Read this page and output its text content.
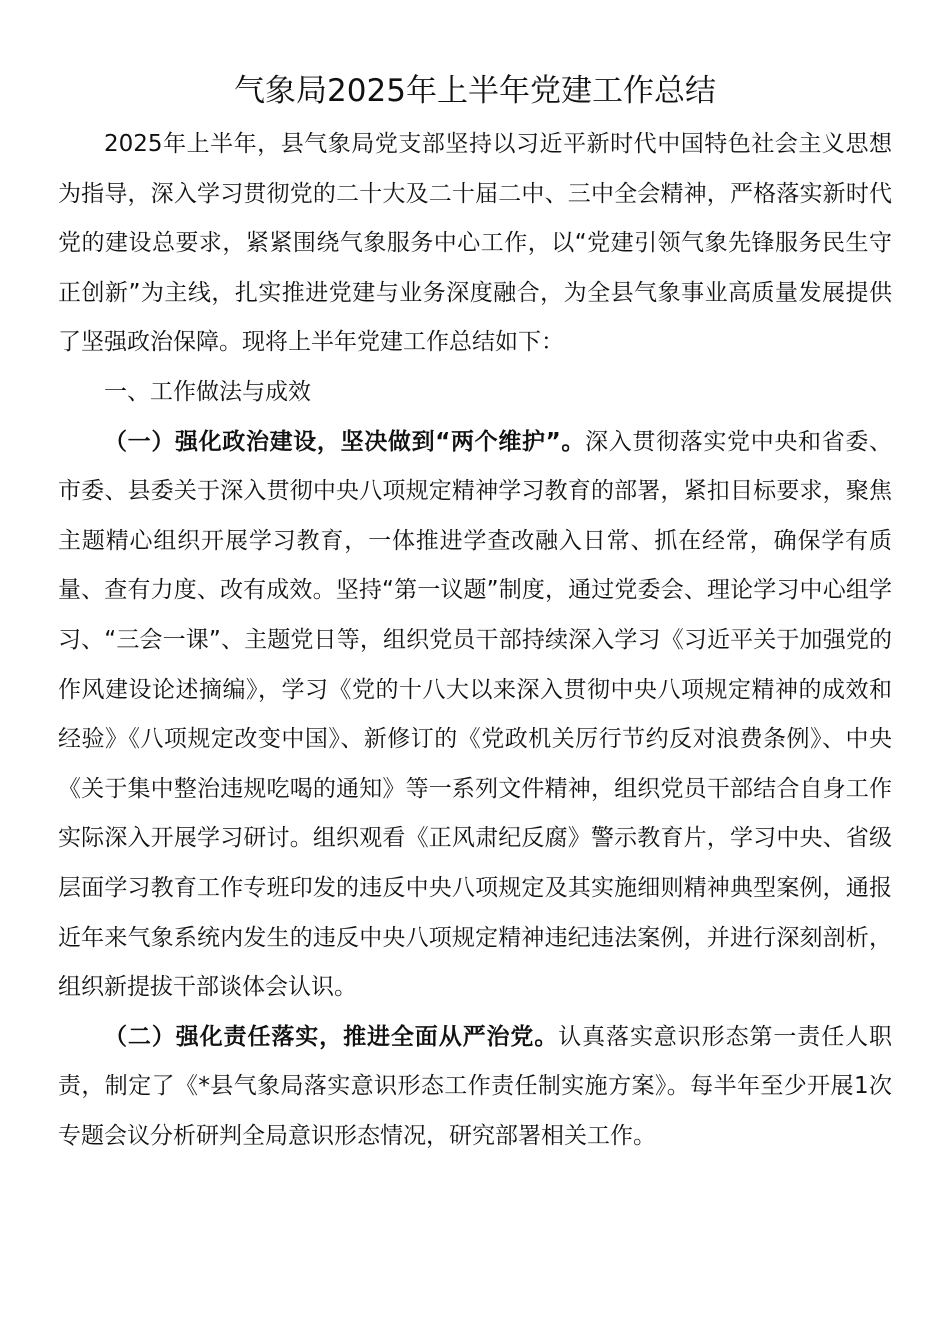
气象局2025年上半年党建工作总结

2025年上半年，县气象局党支部坚持以习近平新时代中国特色社会主义思想为指导，深入学习贯彻党的二十大及二十届二中、三中全会精神，严格落实新时代党的建设总要求，紧紧围绕气象服务中心工作，以“党建引领气象先锋服务民生守正创新”为主线，扎实推进党建与业务深度融合，为全县气象事业高质量发展提供了坚强政治保障。现将上半年党建工作总结如下：

一、工作做法与成效

（一）强化政治建设，坚决做到“两个维护”。深入贯彻落实党中央和省委、市委、县委关于深入贯彻中央八项规定精神学习教育的部署，紧扣目标要求，聚焦主题精心组织开展学习教育，一体推进学查改融入日常、抓在经常，确保学有质量、查有力度、改有成效。坚持“第一议题”制度，通过党委会、理论学习中心组学习、“三会一课”、主题党日等，组织党员干部持续深入学习《习近平关于加强党的作风建设论述摘编》，学习《党的十八大以来深入贯彻中央八项规定精神的成效和经验》《八项规定改变中国》、新修订的《党政机关厉行节约反对浪费条例》、中央《关于集中整治违规吃喝的通知》等一系列文件精神，组织党员干部结合自身工作实际深入开展学习研讨。组织观看《正风肃纪反腐》警示教育片，学习中央、省级层面学习教育工作专班印发的违反中央八项规定及其实施细则精神典型案例，通报近年来气象系统内发生的违反中央八项规定精神违纪违法案例，并进行深刻剖析，组织新提拔干部谈体会认识。

（二）强化责任落实，推进全面从严治党。认真落实意识形态第一责任人职责，制定了《*县气象局落实意识形态工作责任制实施方案》。每半年至少开展1次专题会议分析研判全局意识形态情况，研究部署相关工作。
